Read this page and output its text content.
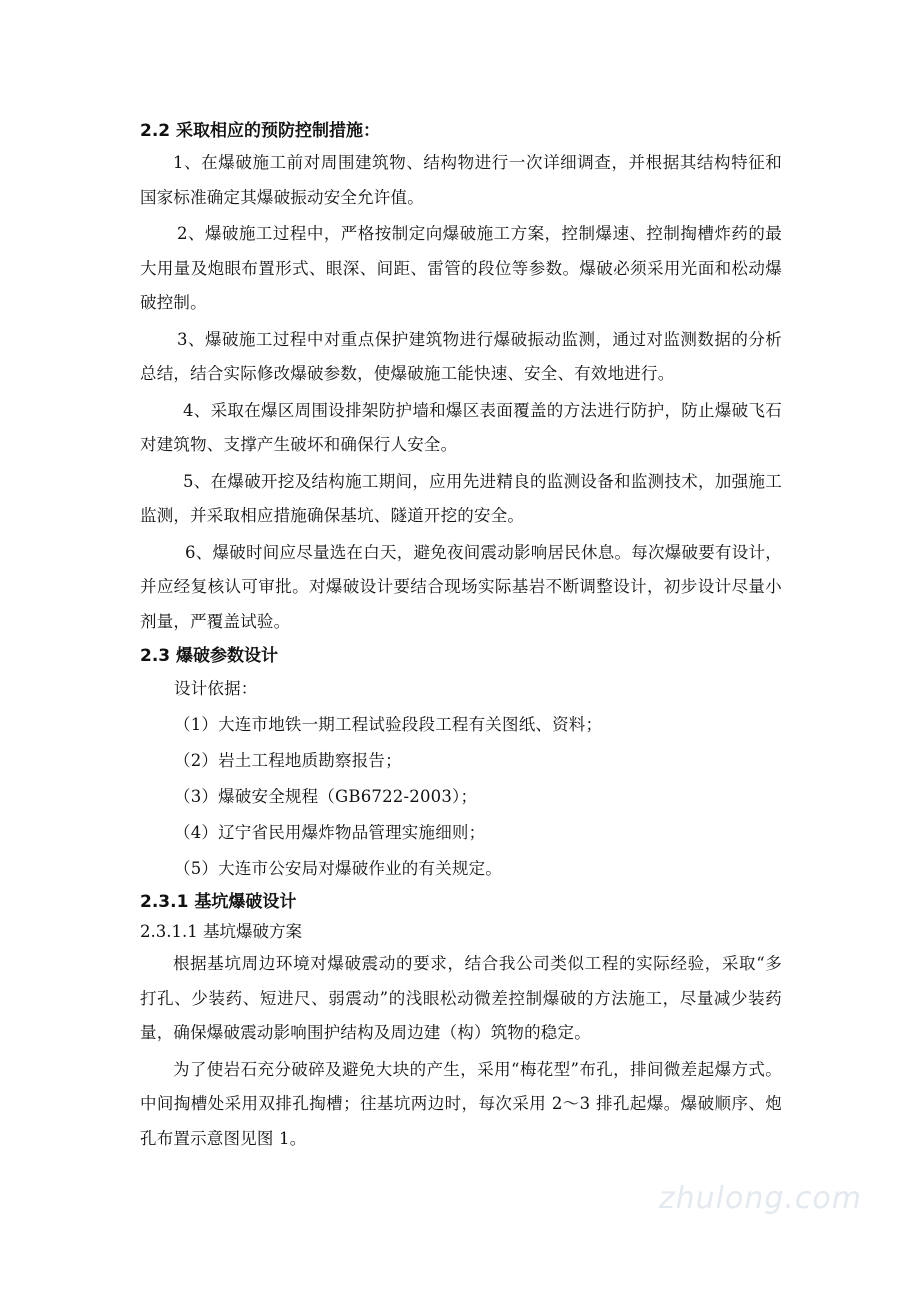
2.2 采取相应的预防控制措施：

1、在爆破施工前对周围建筑物、结构物进行一次详细调查，并根据其结构特征和国家标准确定其爆破振动安全允许值。

2、爆破施工过程中，严格按制定向爆破施工方案，控制爆速、控制掏槽炸药的最大用量及炮眼布置形式、眼深、间距、雷管的段位等参数。爆破必须采用光面和松动爆破控制。

3、爆破施工过程中对重点保护建筑物进行爆破振动监测，通过对监测数据的分析总结，结合实际修改爆破参数，使爆破施工能快速、安全、有效地进行。

4、采取在爆区周围设排架防护墙和爆区表面覆盖的方法进行防护，防止爆破飞石对建筑物、支撑产生破坏和确保行人安全。

5、在爆破开挖及结构施工期间，应用先进精良的监测设备和监测技术，加强施工监测，并采取相应措施确保基坑、隧道开挖的安全。

6、爆破时间应尽量选在白天，避免夜间震动影响居民休息。每次爆破要有设计，并应经复核认可审批。对爆破设计要结合现场实际基岩不断调整设计，初步设计尽量小剂量，严覆盖试验。

2.3 爆破参数设计

设计依据：

（1）大连市地铁一期工程试验段段工程有关图纸、资料；

（2）岩土工程地质勘察报告；

（3）爆破安全规程（GB6722-2003）；

（4）辽宁省民用爆炸物品管理实施细则；

（5）大连市公安局对爆破作业的有关规定。

2.3.1 基坑爆破设计

2.3.1.1 基坑爆破方案

根据基坑周边环境对爆破震动的要求，结合我公司类似工程的实际经验，采取“多打孔、少装药、短进尺、弱震动”的浅眼松动微差控制爆破的方法施工，尽量减少装药量，确保爆破震动影响围护结构及周边建（构）筑物的稳定。

为了使岩石充分破碎及避免大块的产生，采用“梅花型”布孔，排间微差起爆方式。中间掏槽处采用双排孔掏槽；往基坑两边时，每次采用 2～3 排孔起爆。爆破顺序、炮孔布置示意图见图 1。

zhulong.com
